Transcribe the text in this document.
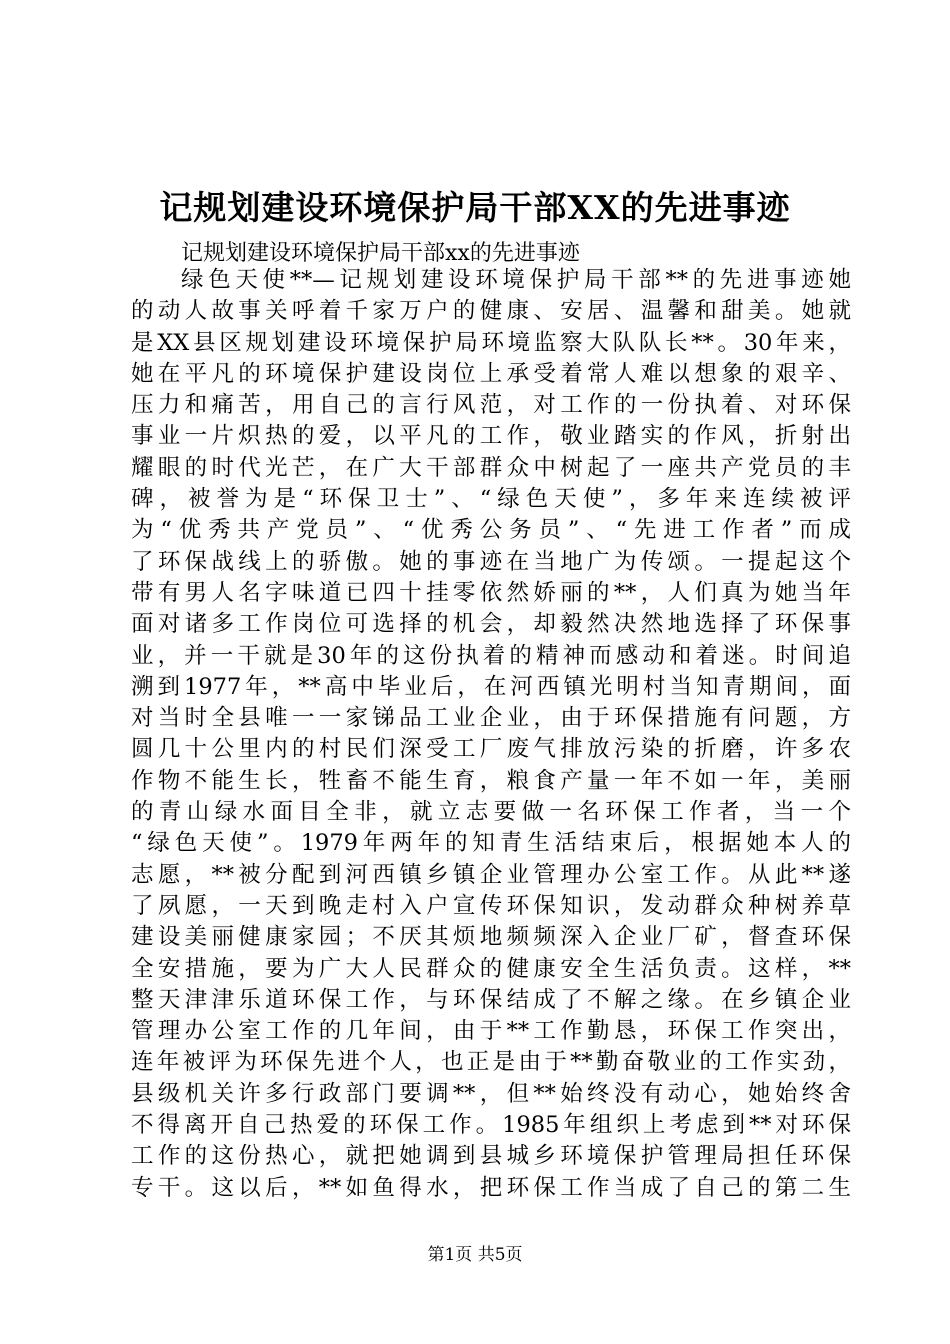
记规划建设环境保护局干部XX的先进事迹

记规划建设环境保护局干部xx的先进事迹

绿色天使**—记规划建设环境保护局干部**的先进事迹她
的动人故事关呼着千家万户的健康、安居、温馨和甜美。她就
是XX县区规划建设环境保护局环境监察大队队长**。30年来，
她在平凡的环境保护建设岗位上承受着常人难以想象的艰辛、
压力和痛苦，用自己的言行风范，对工作的一份执着、对环保
事业一片炽热的爱，以平凡的工作，敬业踏实的作风，折射出
耀眼的时代光芒，在广大干部群众中树起了一座共产党员的丰
碑，被誉为是“环保卫士”、“绿色天使”，多年来连续被评
为“优秀共产党员”、“优秀公务员”、“先进工作者”而成
了环保战线上的骄傲。她的事迹在当地广为传颂。一提起这个
带有男人名字味道已四十挂零依然娇丽的**，人们真为她当年
面对诸多工作岗位可选择的机会，却毅然决然地选择了环保事
业，并一干就是30年的这份执着的精神而感动和着迷。时间追
溯到1977年，**高中毕业后，在河西镇光明村当知青期间，面
对当时全县唯一一家锑品工业企业，由于环保措施有问题，方
圆几十公里内的村民们深受工厂废气排放污染的折磨，许多农
作物不能生长，牲畜不能生育，粮食产量一年不如一年，美丽
的青山绿水面目全非，就立志要做一名环保工作者，当一个
“绿色天使”。1979年两年的知青生活结束后，根据她本人的
志愿，**被分配到河西镇乡镇企业管理办公室工作。从此**遂
了夙愿，一天到晚走村入户宣传环保知识，发动群众种树养草
建设美丽健康家园；不厌其烦地频频深入企业厂矿，督查环保
全安措施，要为广大人民群众的健康安全生活负责。这样，**
整天津津乐道环保工作，与环保结成了不解之缘。在乡镇企业
管理办公室工作的几年间，由于**工作勤恳，环保工作突出，
连年被评为环保先进个人，也正是由于**勤奋敬业的工作实劲，
县级机关许多行政部门要调**，但**始终没有动心，她始终舍
不得离开自己热爱的环保工作。1985年组织上考虑到**对环保
工作的这份热心，就把她调到县城乡环境保护管理局担任环保
专干。这以后，**如鱼得水，把环保工作当成了自己的第二生
第1页 共5页
